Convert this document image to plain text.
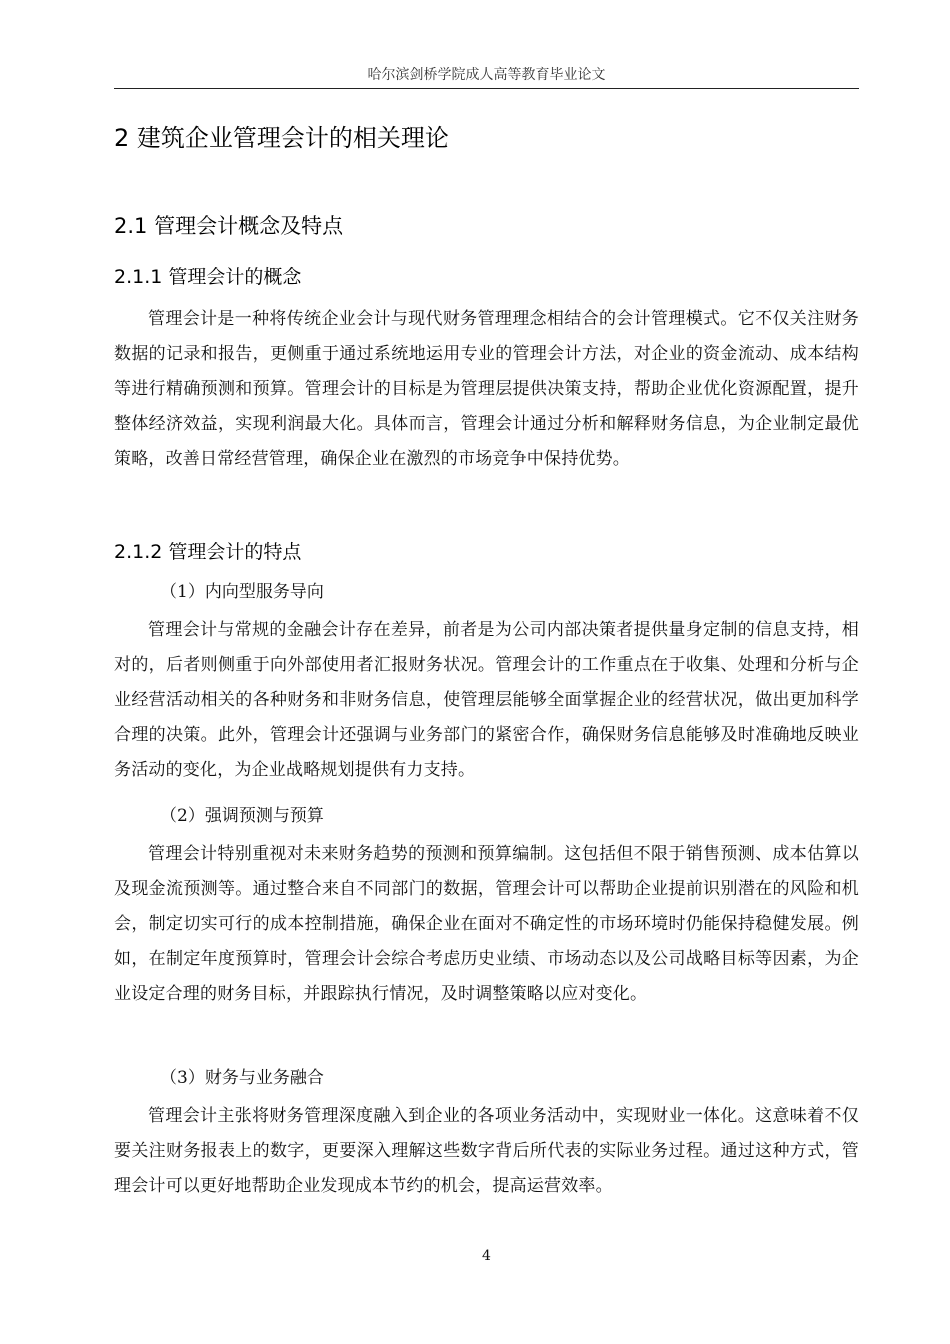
哈尔滨剑桥学院成人高等教育毕业论文
2 建筑企业管理会计的相关理论
2.1 管理会计概念及特点
2.1.1 管理会计的概念

管理会计是一种将传统企业会计与现代财务管理理念相结合的会计管理模式。它不仅关注财务数据的记录和报告，更侧重于通过系统地运用专业的管理会计方法，对企业的资金流动、成本结构等进行精确预测和预算。管理会计的目标是为管理层提供决策支持，帮助企业优化资源配置，提升整体经济效益，实现利润最大化。具体而言，管理会计通过分析和解释财务信息，为企业制定最优策略，改善日常经营管理，确保企业在激烈的市场竞争中保持优势。

2.1.2 管理会计的特点
（1）内向型服务导向

管理会计与常规的金融会计存在差异，前者是为公司内部决策者提供量身定制的信息支持，相对的，后者则侧重于向外部使用者汇报财务状况。管理会计的工作重点在于收集、处理和分析与企业经营活动相关的各种财务和非财务信息，使管理层能够全面掌握企业的经营状况，做出更加科学合理的决策。此外，管理会计还强调与业务部门的紧密合作，确保财务信息能够及时准确地反映业务活动的变化，为企业战略规划提供有力支持。

（2）强调预测与预算

管理会计特别重视对未来财务趋势的预测和预算编制。这包括但不限于销售预测、成本估算以及现金流预测等。通过整合来自不同部门的数据，管理会计可以帮助企业提前识别潜在的风险和机会，制定切实可行的成本控制措施，确保企业在面对不确定性的市场环境时仍能保持稳健发展。例如，在制定年度预算时，管理会计会综合考虑历史业绩、市场动态以及公司战略目标等因素，为企业设定合理的财务目标，并跟踪执行情况，及时调整策略以应对变化。

（3）财务与业务融合

管理会计主张将财务管理深度融入到企业的各项业务活动中，实现财业一体化。这意味着不仅要关注财务报表上的数字，更要深入理解这些数字背后所代表的实际业务过程。通过这种方式，管理会计可以更好地帮助企业发现成本节约的机会，提高运营效率。

4
